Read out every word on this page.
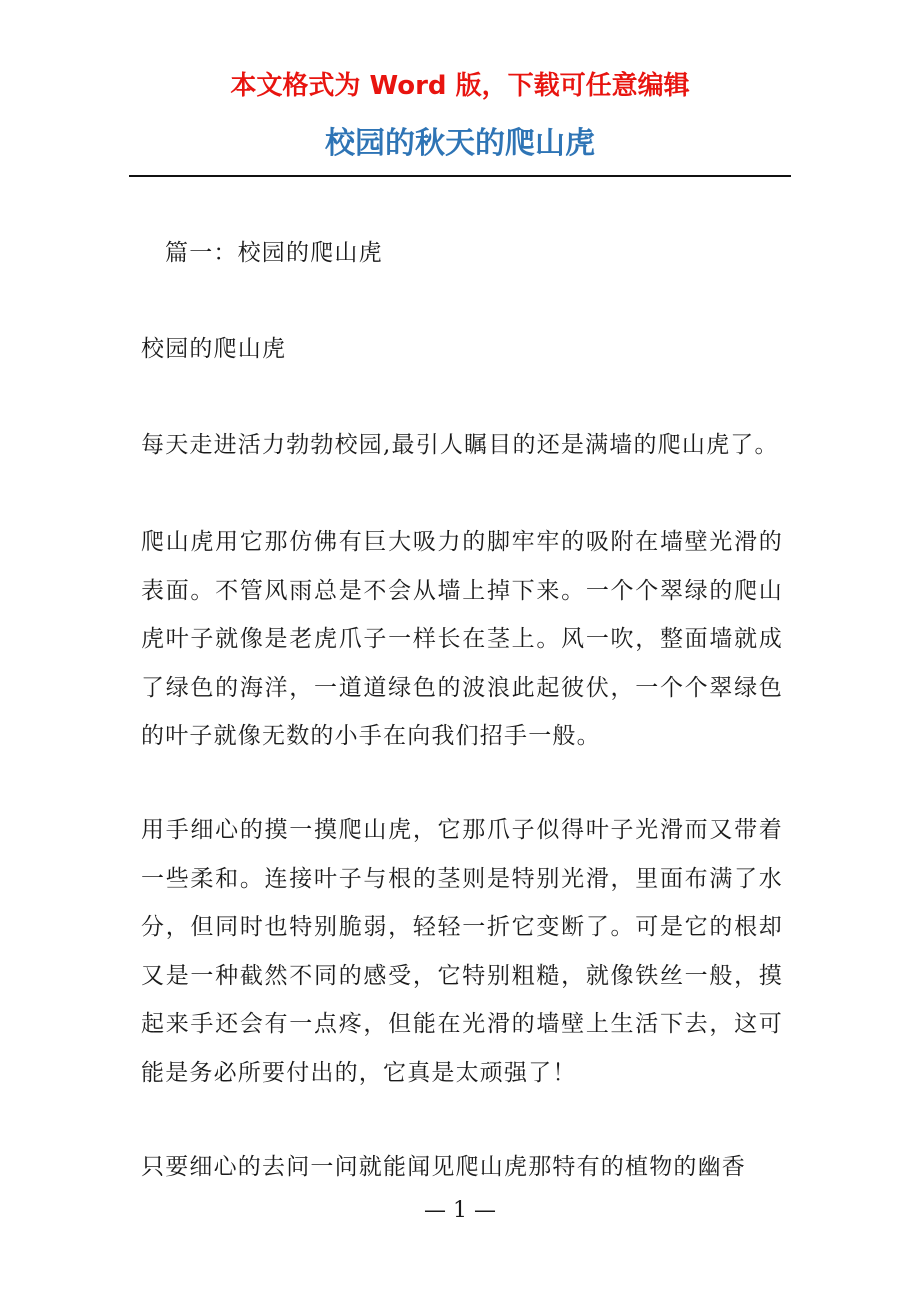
本文格式为 Word 版，下载可任意编辑

校园的秋天的爬山虎

篇一：校园的爬山虎

校园的爬山虎

每天走进活力勃勃校园,最引人瞩目的还是满墙的爬山虎了。

爬山虎用它那仿佛有巨大吸力的脚牢牢的吸附在墙壁光滑的表面。不管风雨总是不会从墙上掉下来。一个个翠绿的爬山虎叶子就像是老虎爪子一样长在茎上。风一吹，整面墙就成了绿色的海洋，一道道绿色的波浪此起彼伏，一个个翠绿色的叶子就像无数的小手在向我们招手一般。

用手细心的摸一摸爬山虎，它那爪子似得叶子光滑而又带着一些柔和。连接叶子与根的茎则是特别光滑，里面布满了水分，但同时也特别脆弱，轻轻一折它变断了。可是它的根却又是一种截然不同的感受，它特别粗糙，就像铁丝一般，摸起来手还会有一点疼，但能在光滑的墙壁上生活下去，这可能是务必所要付出的，它真是太顽强了！

只要细心的去问一问就能闻见爬山虎那特有的植物的幽香

— 1 —
